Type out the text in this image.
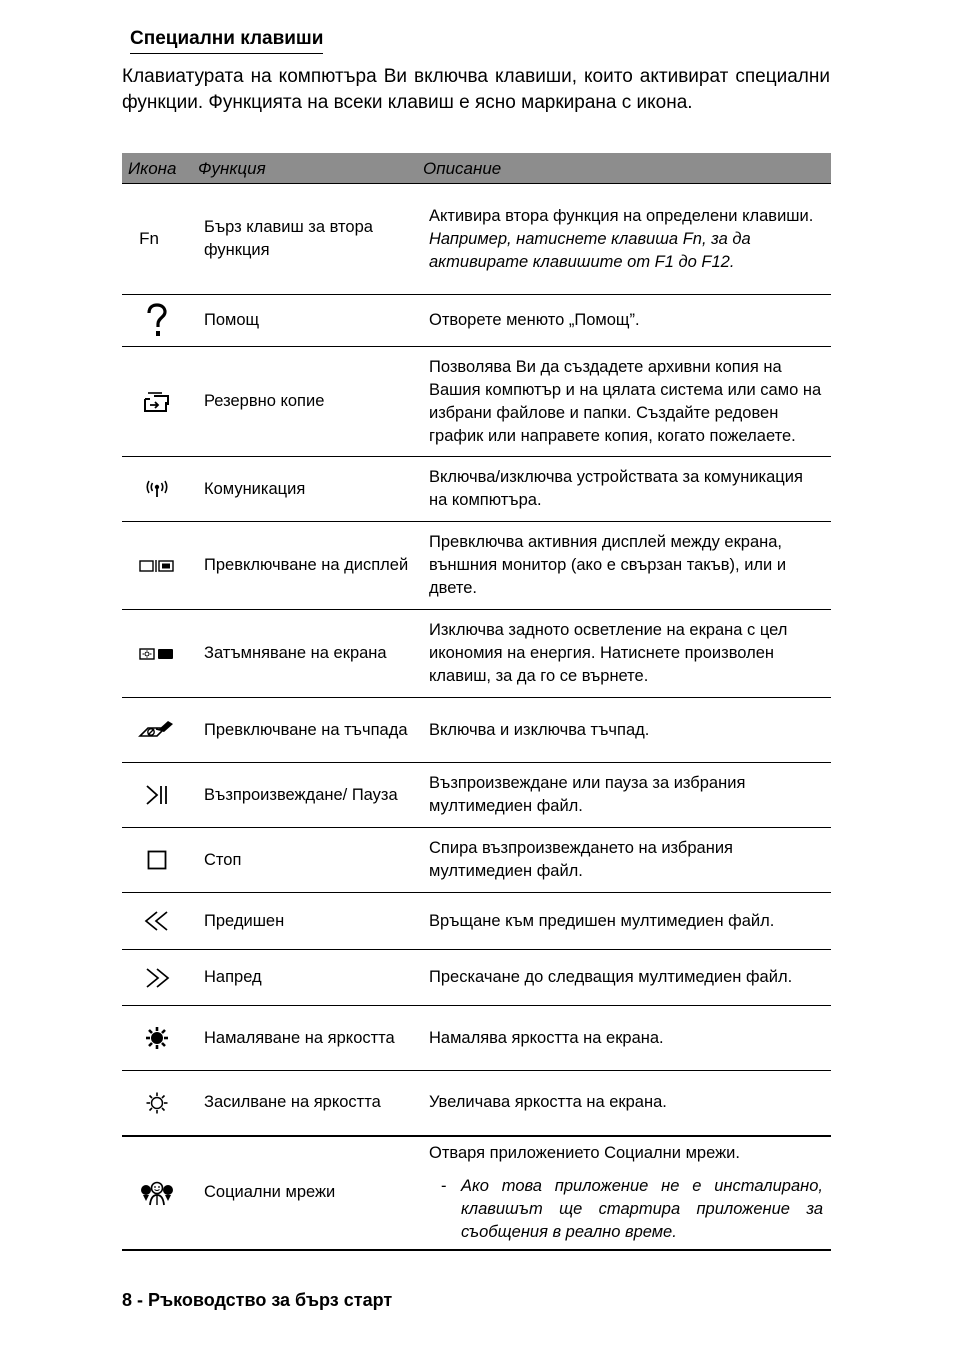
Специални клавиши
Клавиатурата на компютъра Ви включва клавиши, които активират специални функции. Функцията на всеки клавиш е ясно маркирана с икона.
Икона	Функция	Описание
Fn	Бърз клавиш за втора функция	Активира втора функция на определени клавиши.
Например, натиснете клавиша Fn, за да активирате клавишите от F1 до F12.

	Помощ	Отворете менюто „Помощ”.
	Резервно копие	Позволява Ви да създадете архивни копия на Вашия компютър и на цялата система или само на избрани файлове и папки. Създайте редовен график или направете копия, когато пожелаете.
	Комуникация	Включва/изключва устройствата за комуникация на компютъра.
	Превключване на дисплей	Превключва активния дисплей между екрана, външния монитор (ако е свързан такъв), или и двете.
	Затъмняване на екрана	Изключва задното осветление на екрана с цел икономия на енергия. Натиснете произволен клавиш, за да го се върнете.
	Превключване на тъчпада	Включва и изключва тъчпад.
	Възпроизвеждане/ Пауза	Възпроизвеждане или пауза за избрания мултимедиен файл.
	Стоп	Спира възпроизвеждането на избрания мултимедиен файл.
	Предишен	Връщане към предишен мултимедиен файл.
	Напред	Прескачане до следващия мултимедиен файл.
	Намаляване на яркостта	Намалява яркостта на екрана.
	Засилване на яркостта	Увеличава яркостта на екрана.
	Социални мрежи	Отваря приложението Социални мрежи.
- Ако това приложение не е инсталирано, клавишът ще стартира приложение за съобщения в реално време.
8 - Ръководство за бърз старт
